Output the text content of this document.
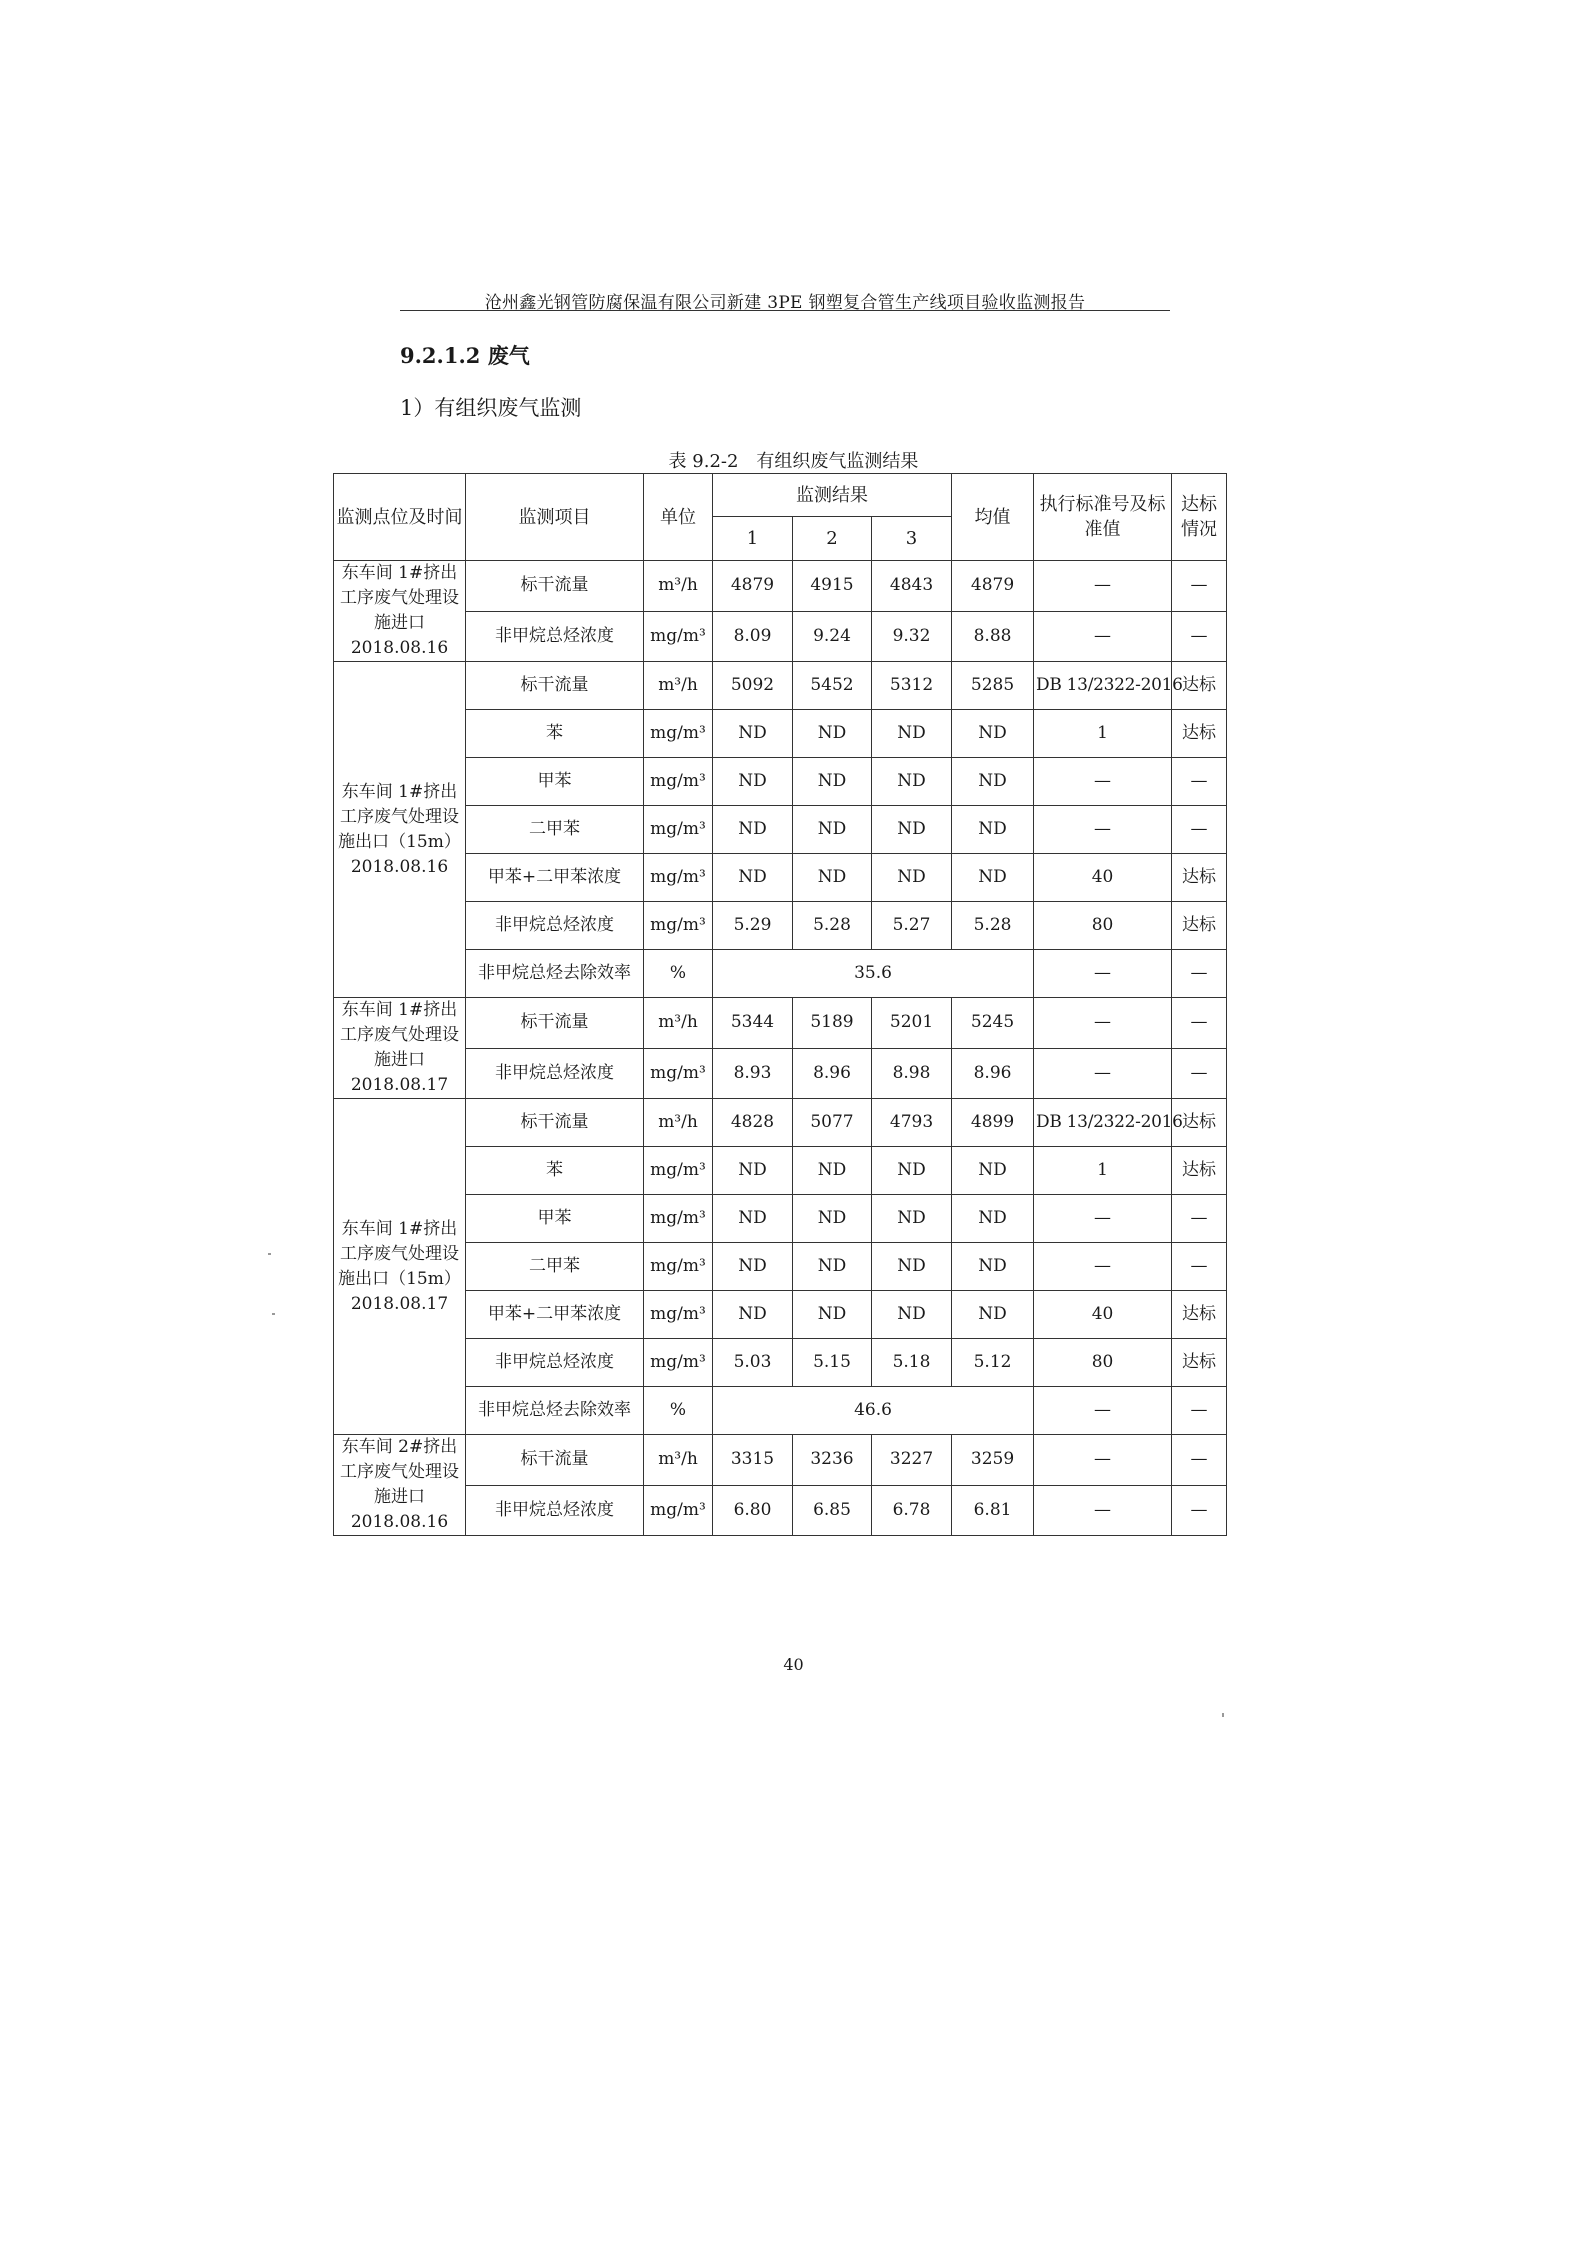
沧州鑫光钢管防腐保温有限公司新建 3PE 钢塑复合管生产线项目验收监测报告
9.2.1.2 废气
1）有组织废气监测
表 9.2-2　有组织废气监测结果
监测点位及时间	监测项目	单位	监测结果			均值	执行标准号及标准值	达标情况
			1	2	3			
东车间 1#挤出工序废气处理设施进口 2018.08.16	标干流量	m³/h	4879	4915	4843	4879	—	—
	非甲烷总烃浓度	mg/m³	8.09	9.24	9.32	8.88	—	—
东车间 1#挤出工序废气处理设施出口（15m）2018.08.16	标干流量	m³/h	5092	5452	5312	5285	DB 13/2322-2016	达标
	苯	mg/m³	ND	ND	ND	ND	1	达标
	甲苯	mg/m³	ND	ND	ND	ND	—	—
	二甲苯	mg/m³	ND	ND	ND	ND	—	—
	甲苯+二甲苯浓度	mg/m³	ND	ND	ND	ND	40	达标
	非甲烷总烃浓度	mg/m³	5.29	5.28	5.27	5.28	80	达标
	非甲烷总烃去除效率	%	35.6				—	—
东车间 1#挤出工序废气处理设施进口 2018.08.17	标干流量	m³/h	5344	5189	5201	5245	—	—
	非甲烷总烃浓度	mg/m³	8.93	8.96	8.98	8.96	—	—
东车间 1#挤出工序废气处理设施出口（15m）2018.08.17	标干流量	m³/h	4828	5077	4793	4899	DB 13/2322-2016	达标
	苯	mg/m³	ND	ND	ND	ND	1	达标
	甲苯	mg/m³	ND	ND	ND	ND	—	—
	二甲苯	mg/m³	ND	ND	ND	ND	—	—
	甲苯+二甲苯浓度	mg/m³	ND	ND	ND	ND	40	达标
	非甲烷总烃浓度	mg/m³	5.03	5.15	5.18	5.12	80	达标
	非甲烷总烃去除效率	%	46.6				—	—
东车间 2#挤出工序废气处理设施进口 2018.08.16	标干流量	m³/h	3315	3236	3227	3259	—	—
	非甲烷总烃浓度	mg/m³	6.80	6.85	6.78	6.81	—	—
40
